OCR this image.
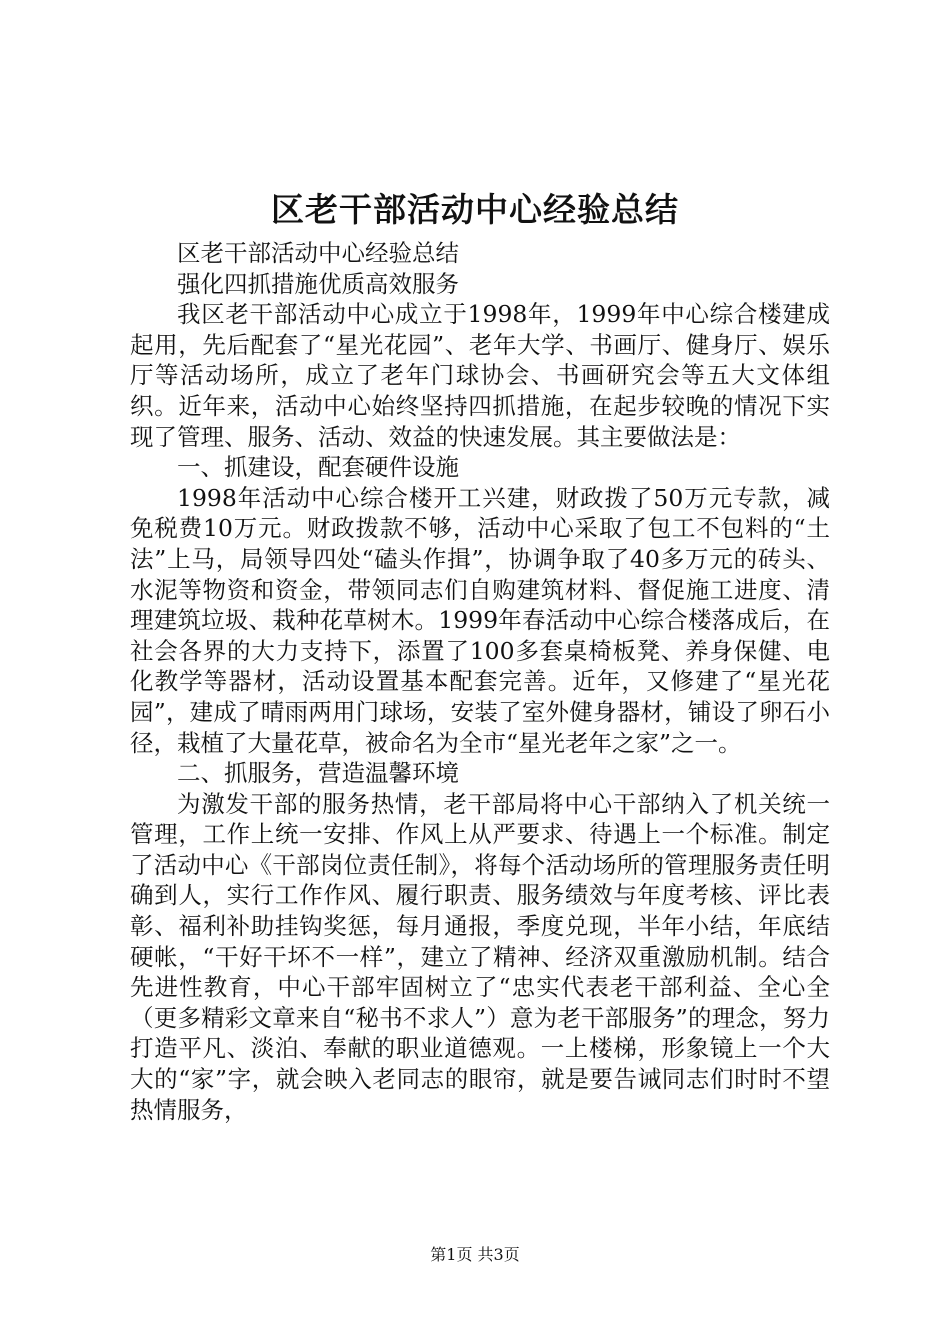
区老干部活动中心经验总结

区老干部活动中心经验总结

强化四抓措施优质高效服务

我区老干部活动中心成立于1998年，1999年中心综合楼建成起用，先后配套了“星光花园”、老年大学、书画厅、健身厅、娱乐厅等活动场所，成立了老年门球协会、书画研究会等五大文体组织。近年来，活动中心始终坚持四抓措施，在起步较晚的情况下实现了管理、服务、活动、效益的快速发展。其主要做法是：

一、抓建设，配套硬件设施

1998年活动中心综合楼开工兴建，财政拨了50万元专款，减免税费10万元。财政拨款不够，活动中心采取了包工不包料的“土法”上马，局领导四处“磕头作揖”，协调争取了40多万元的砖头、水泥等物资和资金，带领同志们自购建筑材料、督促施工进度、清理建筑垃圾、栽种花草树木。1999年春活动中心综合楼落成后，在社会各界的大力支持下，添置了100多套桌椅板凳、养身保健、电化教学等器材，活动设置基本配套完善。近年，又修建了“星光花园”，建成了晴雨两用门球场，安装了室外健身器材，铺设了卵石小径，栽植了大量花草，被命名为全市“星光老年之家”之一。

二、抓服务，营造温馨环境

为激发干部的服务热情，老干部局将中心干部纳入了机关统一管理，工作上统一安排、作风上从严要求、待遇上一个标准。制定了活动中心《干部岗位责任制》，将每个活动场所的管理服务责任明确到人，实行工作作风、履行职责、服务绩效与年度考核、评比表彰、福利补助挂钩奖惩，每月通报，季度兑现，半年小结，年底结硬帐，“干好干坏不一样”，建立了精神、经济双重激励机制。结合先进性教育，中心干部牢固树立了“忠实代表老干部利益、全心全（更多精彩文章来自“秘书不求人”）意为老干部服务”的理念，努力打造平凡、淡泊、奉献的职业道德观。一上楼梯，形象镜上一个大大的“家”字，就会映入老同志的眼帘，就是要告诫同志们时时不望热情服务，

第1页 共3页
